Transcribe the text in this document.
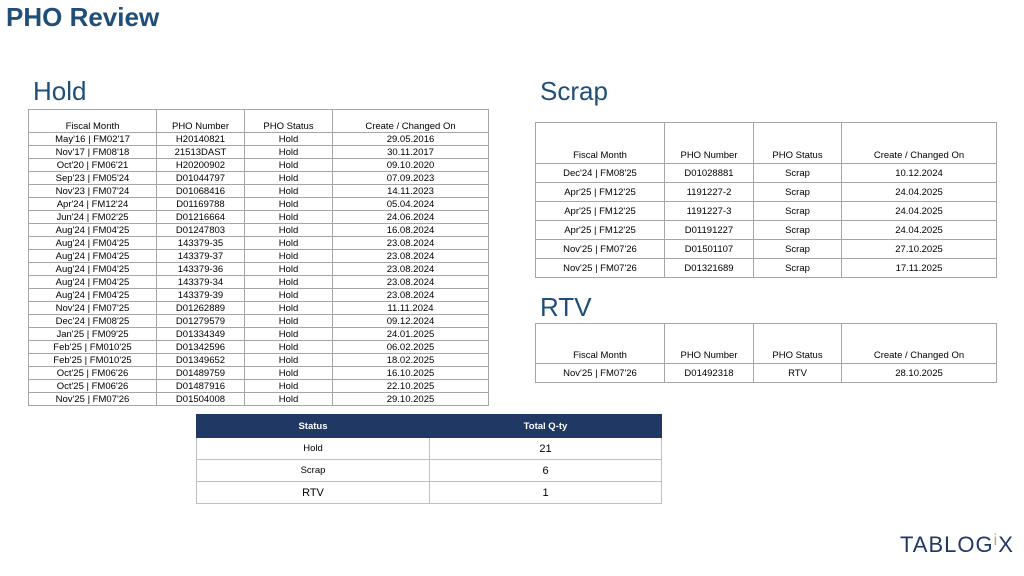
PHO Review
Hold	Scrap
RTV
Fiscal Month	PHO Number	PHO Status	Create / Changed On
May'16 | FM02'17	H20140821	Hold	29.05.2016
Nov'17 | FM08'18	21513DAST	Hold	30.11.2017
Oct'20 | FM06'21	H20200902	Hold	09.10.2020
Sep'23 | FM05'24	D01044797	Hold	07.09.2023
Nov'23 | FM07'24	D01068416	Hold	14.11.2023
Apr'24 | FM12'24	D01169788	Hold	05.04.2024
Jun'24 | FM02'25	D01216664	Hold	24.06.2024
Aug'24 | FM04'25	D01247803	Hold	16.08.2024
Aug'24 | FM04'25	143379-35	Hold	23.08.2024
Aug'24 | FM04'25	143379-37	Hold	23.08.2024
Aug'24 | FM04'25	143379-36	Hold	23.08.2024
Aug'24 | FM04'25	143379-34	Hold	23.08.2024
Aug'24 | FM04'25	143379-39	Hold	23.08.2024
Nov'24 | FM07'25	D01262889	Hold	11.11.2024
Dec'24 | FM08'25	D01279579	Hold	09.12.2024
Jan'25 | FM09'25	D01334349	Hold	24.01.2025
Feb'25 | FM010'25	D01342596	Hold	06.02.2025
Feb'25 | FM010'25	D01349652	Hold	18.02.2025
Oct'25 | FM06'26	D01489759	Hold	16.10.2025
Oct'25 | FM06'26	D01487916	Hold	22.10.2025
Nov'25 | FM07'26	D01504008	Hold	29.10.2025
Fiscal Month	PHO Number	PHO Status	Create / Changed On
Dec'24 | FM08'25	D01028881	Scrap	10.12.2024
Apr'25 | FM12'25	1191227-2	Scrap	24.04.2025
Apr'25 | FM12'25	1191227-3	Scrap	24.04.2025
Apr'25 | FM12'25	D01191227	Scrap	24.04.2025
Nov'25 | FM07'26	D01501107	Scrap	27.10.2025
Nov'25 | FM07'26	D01321689	Scrap	17.11.2025
Fiscal Month	PHO Number	PHO Status	Create / Changed On
Nov'25 | FM07'26	D01492318	RTV	28.10.2025
Status	Total Q-ty
Hold	21
Scrap	6
RTV	1
TABLOG$^i$X
